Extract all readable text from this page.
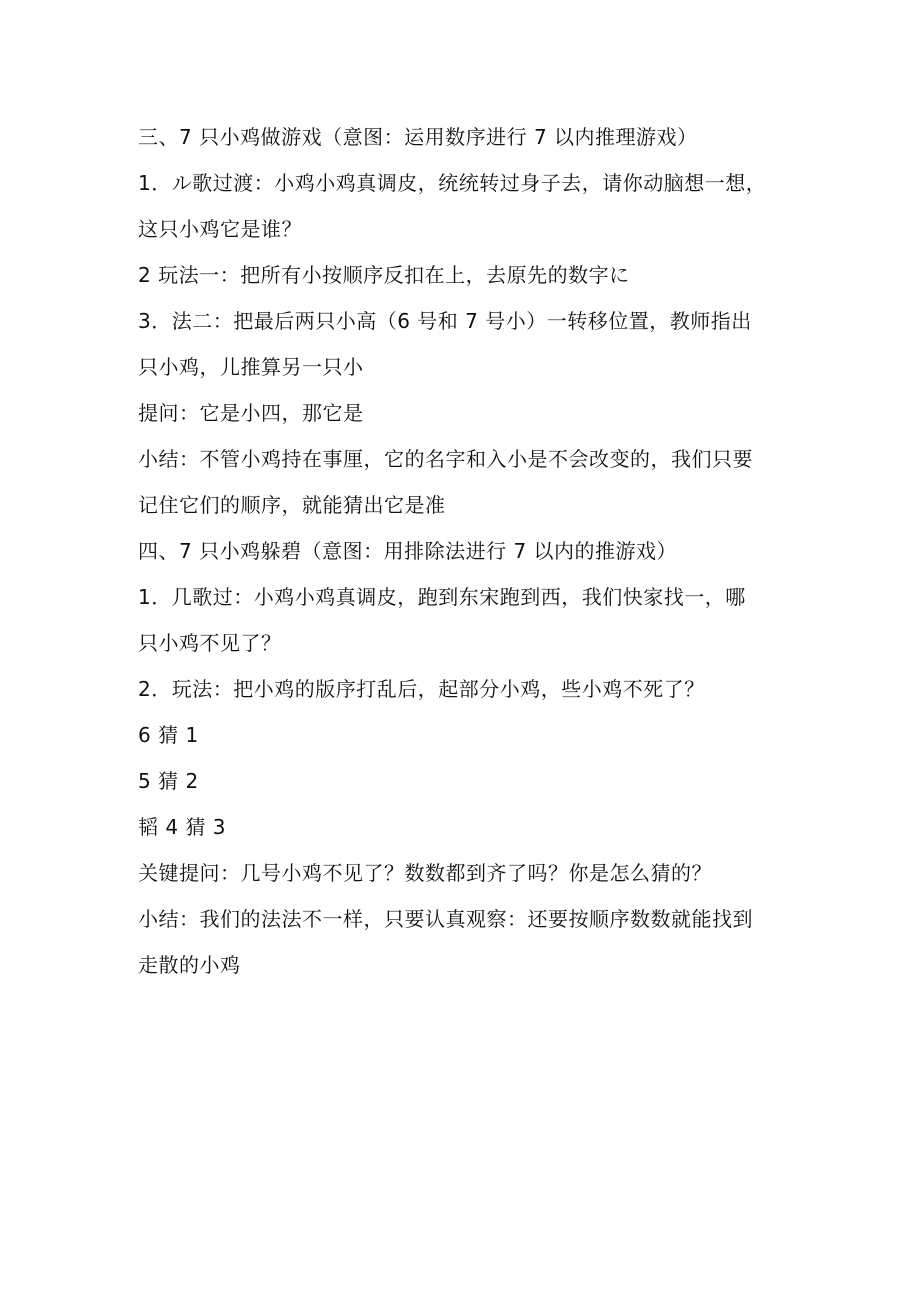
三、7 只小鸡做游戏（意图：运用数序进行 7 以内推理游戏）
1．ル歌过渡：小鸡小鸡真调皮，统统转过身子去，请你动脑想一想，
这只小鸡它是谁？
2 玩法一：把所有小按顺序反扣在上，去原先的数字に
3．法二：把最后两只小高（6 号和 7 号小）一转移位置，教师指出
只小鸡，儿推算另一只小
提问：它是小四，那它是
小结：不管小鸡持在事厘，它的名字和入小是不会改变的，我们只要
记住它们的顺序，就能猜出它是准
四、7 只小鸡躲碧（意图：用排除法进行 7 以内的推游戏）
1．几歌过：小鸡小鸡真调皮，跑到东宋跑到西，我们快家找一，哪
只小鸡不见了？
2．玩法：把小鸡的版序打乱后，起部分小鸡，些小鸡不死了？
6 猜 1
5 猜 2
韬 4 猜 3
关键提问：几号小鸡不见了？数数都到齐了吗？你是怎么猜的？
小结：我们的法法不一样，只要认真观察：还要按顺序数数就能找到
走散的小鸡
